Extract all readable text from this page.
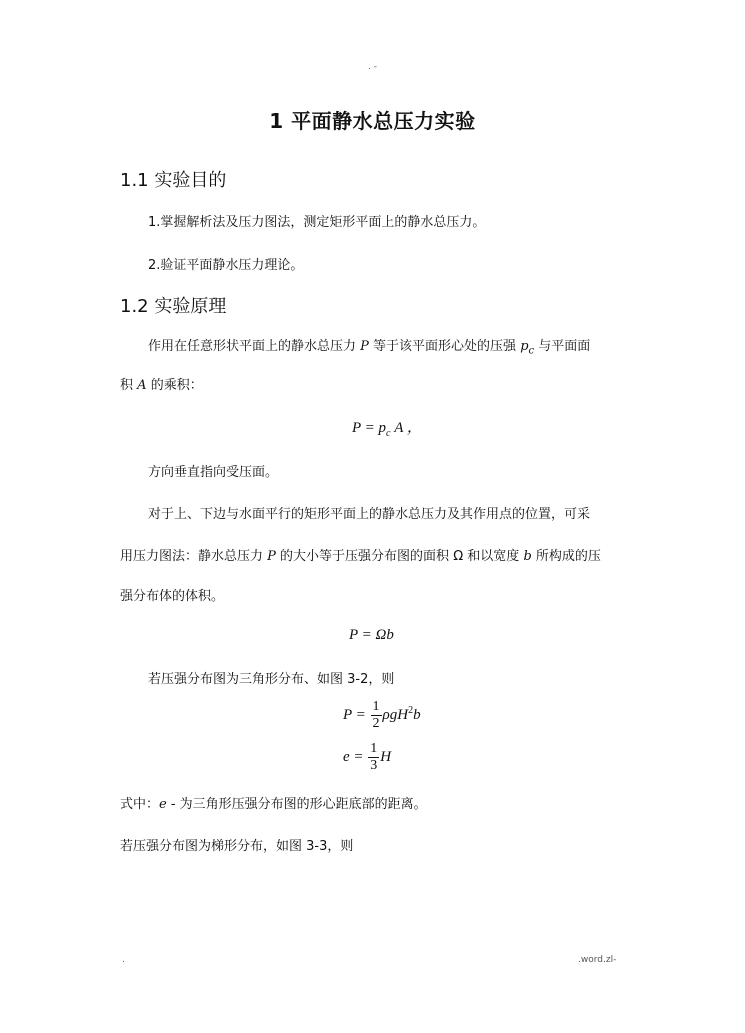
. -
1 平面静水总压力实验
1.1 实验目的
1.掌握解析法及压力图法，测定矩形平面上的静水总压力。
2.验证平面静水压力理论。
1.2 实验原理
作用在任意形状平面上的静水总压力 P 等于该平面形心处的压强 $p_c$ 与平面面
积 A 的乘积：
$P = p_c$ A ，
方向垂直指向受压面。
对于上、下边与水面平行的矩形平面上的静水总压力及其作用点的位置，可采
用压力图法：静水总压力 P 的大小等于压强分布图的面积 Ω 和以宽度 b 所构成的压
强分布体的体积。
P = Ωb
若压强分布图为三角形分布、如图 3-2，则
$P = \frac{1}{2} \rho gH^2b$
$e = \frac{1}{3}$ H
式中：e - 为三角形压强分布图的形心距底部的距离。
若压强分布图为梯形分布，如图 3-3，则
.	.word.zl-
